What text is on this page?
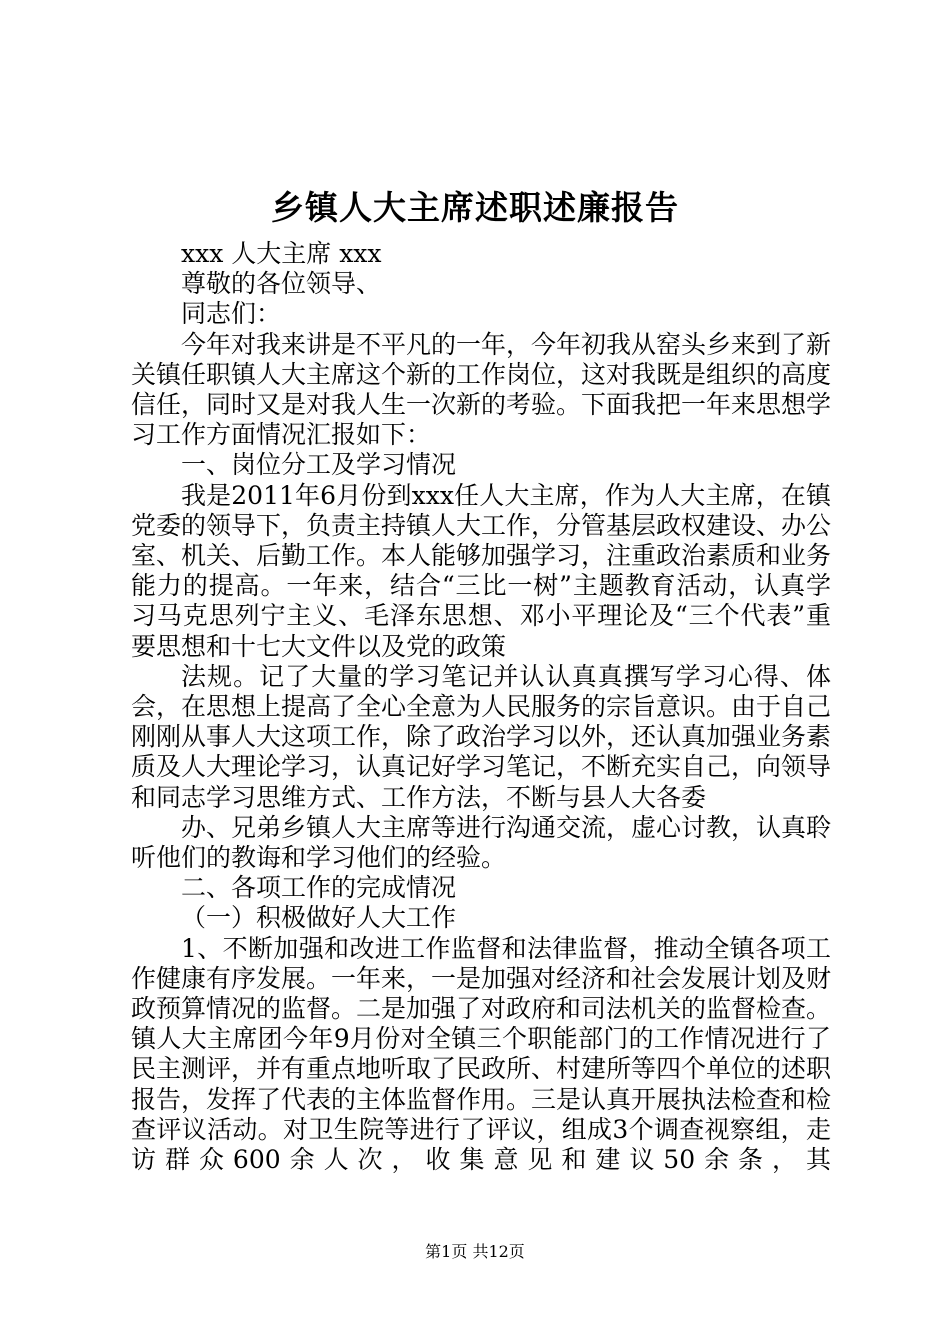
乡镇人大主席述职述廉报告

xxx 人大主席 xxx

尊敬的各位领导、

同志们：

今年对我来讲是不平凡的一年，今年初我从窑头乡来到了新关镇任职镇人大主席这个新的工作岗位，这对我既是组织的高度信任，同时又是对我人生一次新的考验。下面我把一年来思想学习工作方面情况汇报如下：

一、岗位分工及学习情况

我是2011年6月份到xxx任人大主席，作为人大主席，在镇党委的领导下，负责主持镇人大工作，分管基层政权建设、办公室、机关、后勤工作。本人能够加强学习，注重政治素质和业务能力的提高。一年来，结合“三比一树”主题教育活动，认真学习马克思列宁主义、毛泽东思想、邓小平理论及“三个代表”重要思想和十七大文件以及党的政策

法规。记了大量的学习笔记并认认真真撰写学习心得、体会，在思想上提高了全心全意为人民服务的宗旨意识。由于自己刚刚从事人大这项工作，除了政治学习以外，还认真加强业务素质及人大理论学习，认真记好学习笔记，不断充实自己，向领导和同志学习思维方式、工作方法，不断与县人大各委

办、兄弟乡镇人大主席等进行沟通交流，虚心讨教，认真聆听他们的教诲和学习他们的经验。

二、各项工作的完成情况

（一）积极做好人大工作

1、不断加强和改进工作监督和法律监督，推动全镇各项工作健康有序发展。一年来，一是加强对经济和社会发展计划及财政预算情况的监督。二是加强了对政府和司法机关的监督检查。镇人大主席团今年9月份对全镇三个职能部门的工作情况进行了民主测评，并有重点地听取了民政所、村建所等四个单位的述职报告，发挥了代表的主体监督作用。三是认真开展执法检查和检查评议活动。对卫生院等进行了评议，组成3个调查视察组，走访群众600余人次，收集意见和建议50余条，其

第1页 共12页
